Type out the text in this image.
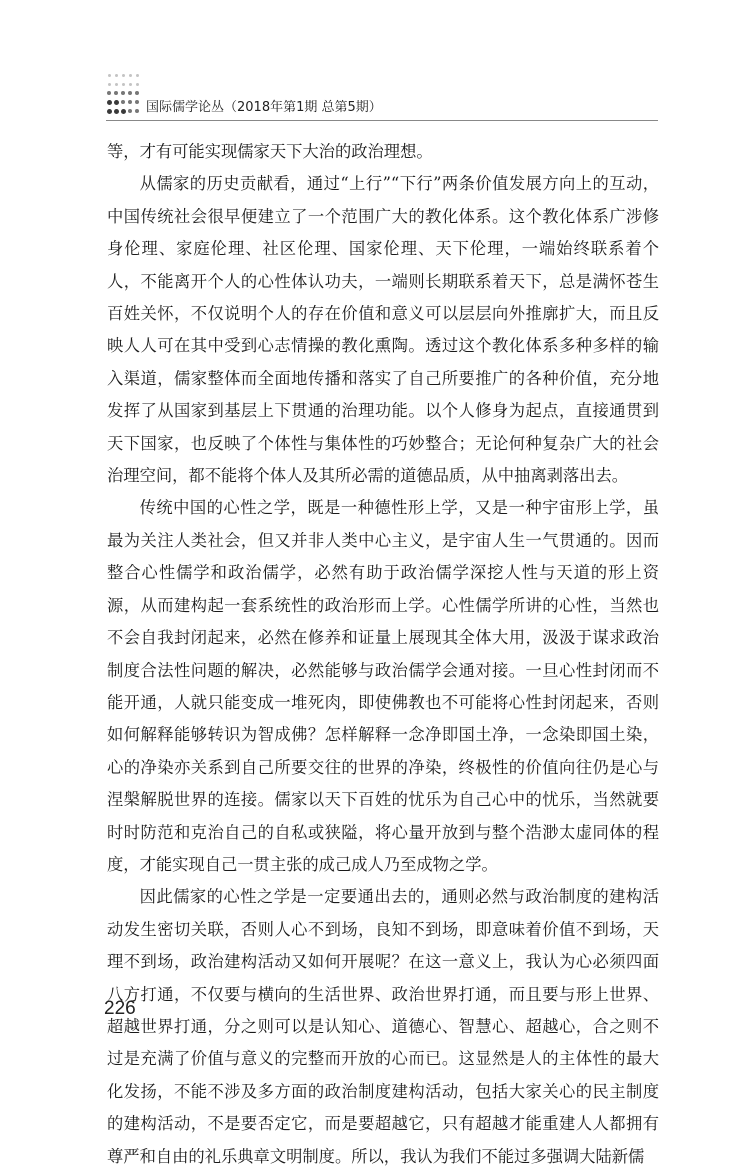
国际儒学论丛（2018年第1期 总第5期）

等，才有可能实现儒家天下大治的政治理想。

从儒家的历史贡献看，通过“上行”“下行”两条价值发展方向上的互动，中国传统社会很早便建立了一个范围广大的教化体系。这个教化体系广涉修身伦理、家庭伦理、社区伦理、国家伦理、天下伦理，一端始终联系着个人，不能离开个人的心性体认功夫，一端则长期联系着天下，总是满怀苍生百姓关怀，不仅说明个人的存在价值和意义可以层层向外推廓扩大，而且反映人人可在其中受到心志情操的教化熏陶。透过这个教化体系多种多样的输入渠道，儒家整体而全面地传播和落实了自己所要推广的各种价值，充分地发挥了从国家到基层上下贯通的治理功能。以个人修身为起点，直接通贯到天下国家，也反映了个体性与集体性的巧妙整合；无论何种复杂广大的社会治理空间，都不能将个体人及其所必需的道德品质，从中抽离剥落出去。

传统中国的心性之学，既是一种德性形上学，又是一种宇宙形上学，虽最为关注人类社会，但又并非人类中心主义，是宇宙人生一气贯通的。因而整合心性儒学和政治儒学，必然有助于政治儒学深挖人性与天道的形上资源，从而建构起一套系统性的政治形而上学。心性儒学所讲的心性，当然也不会自我封闭起来，必然在修养和证量上展现其全体大用，汲汲于谋求政治制度合法性问题的解决，必然能够与政治儒学会通对接。一旦心性封闭而不能开通，人就只能变成一堆死肉，即使佛教也不可能将心性封闭起来，否则如何解释能够转识为智成佛？怎样解释一念净即国土净，一念染即国土染，心的净染亦关系到自己所要交往的世界的净染，终极性的价值向往仍是心与涅槃解脱世界的连接。儒家以天下百姓的忧乐为自己心中的忧乐，当然就要时时防范和克治自己的自私或狭隘，将心量开放到与整个浩渺太虚同体的程度，才能实现自己一贯主张的成己成人乃至成物之学。

因此儒家的心性之学是一定要通出去的，通则必然与政治制度的建构活动发生密切关联，否则人心不到场，良知不到场，即意味着价值不到场，天理不到场，政治建构活动又如何开展呢？在这一意义上，我认为心必须四面八方打通，不仅要与横向的生活世界、政治世界打通，而且要与形上世界、超越世界打通，分之则可以是认知心、道德心、智慧心、超越心，合之则不过是充满了价值与意义的完整而开放的心而已。这显然是人的主体性的最大化发扬，不能不涉及多方面的政治制度建构活动，包括大家关心的民主制度的建构活动，不是要否定它，而是要超越它，只有超越才能重建人人都拥有尊严和自由的礼乐典章文明制度。所以，我认为我们不能过多强调大陆新儒

226
